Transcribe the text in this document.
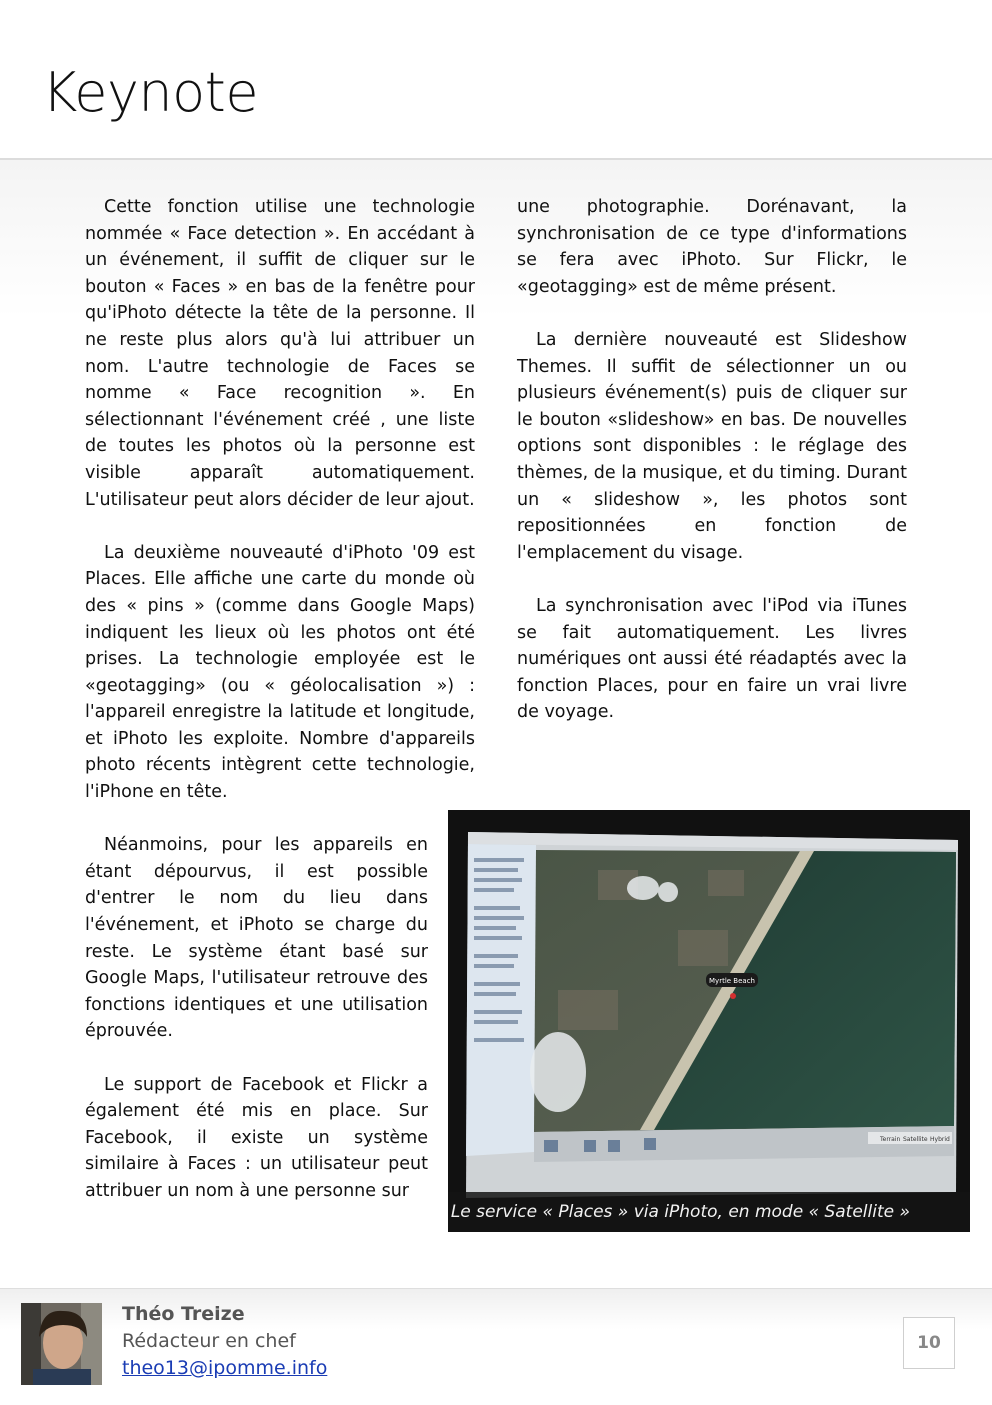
Keynote

Cette fonction utilise une technologie nommée « Face detection ». En accédant à un événement, il suffit de cliquer sur le bouton « Faces » en bas de la fenêtre pour qu'iPhoto détecte la tête de la personne. Il ne reste plus alors qu'à lui attribuer un nom. L'autre technologie de Faces se nomme « Face recognition ». En sélectionnant l'événement créé , une liste de toutes les photos où la personne est visible apparaît automatiquement. L'utilisateur peut alors décider de leur ajout.

La deuxième nouveauté d'iPhoto '09 est Places. Elle affiche une carte du monde où des « pins » (comme dans Google Maps) indiquent les lieux où les photos ont été prises. La technologie employée est le «geotagging» (ou « géolocalisation ») : l'appareil enregistre la latitude et longitude, et iPhoto les exploite. Nombre d'appareils photo récents intègrent cette technologie, l'iPhone en tête.

Néanmoins, pour les appareils en étant dépourvus, il est possible d'entrer le nom du lieu dans l'événement, et iPhoto se charge du reste. Le système étant basé sur Google Maps, l'utilisateur retrouve des fonctions identiques et une utilisation éprouvée.

Le support de Facebook et Flickr a également été mis en place. Sur Facebook, il existe un système similaire à Faces : un utilisateur peut attribuer un nom à une personne sur

une photographie. Dorénavant, la synchronisation de ce type d'informations se fera avec iPhoto. Sur Flickr, le «geotagging» est de même présent.

La dernière nouveauté est Slideshow Themes. Il suffit de sélectionner un ou plusieurs événement(s) puis de cliquer sur le bouton «slideshow» en bas. De nouvelles options sont disponibles : le réglage des thèmes, de la musique, et du timing. Durant un « slideshow », les photos sont repositionnées en fonction de l'emplacement du visage.

La synchronisation avec l'iPod via iTunes se fait automatiquement. Les livres numériques ont aussi été réadaptés avec la fonction Places, pour en faire un vrai livre de voyage.

Myrtle Beach
Terrain Satellite Hybrid
Le service « Places » via iPhoto, en mode « Satellite »
Théo Treize
Rédacteur en chef
theo13@ipomme.info
10
